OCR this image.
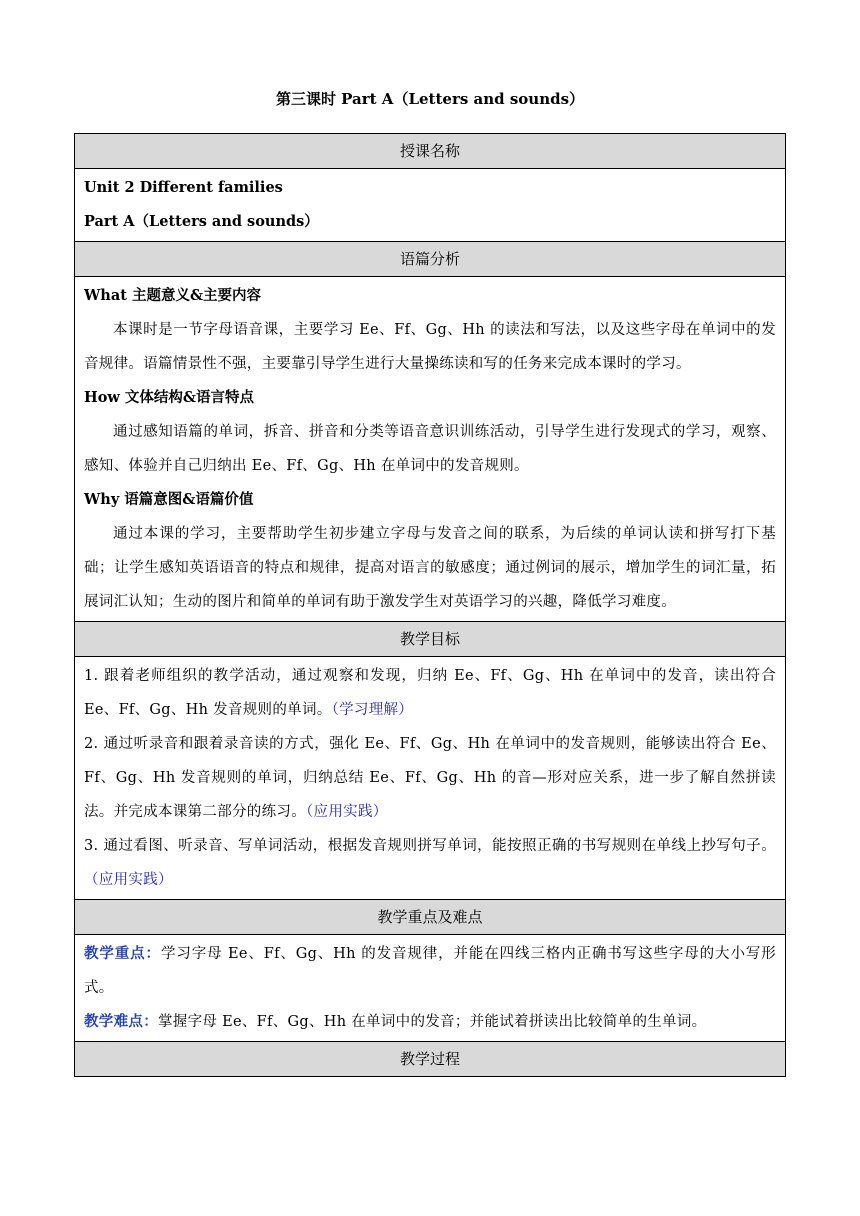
第三课时 Part A（Letters and sounds）
授课名称

Unit 2 Different families
Part A（Letters and sounds）

语篇分析

What 主题意义&主要内容

本课时是一节字母语音课，主要学习 Ee、Ff、Gg、Hh 的读法和写法，以及这些字母在单词中的发音规律。语篇情景性不强，主要靠引导学生进行大量操练读和写的任务来完成本课时的学习。

How 文体结构&语言特点

通过感知语篇的单词，拆音、拼音和分类等语音意识训练活动，引导学生进行发现式的学习，观察、感知、体验并自己归纳出 Ee、Ff、Gg、Hh 在单词中的发音规则。

Why 语篇意图&语篇价值

通过本课的学习，主要帮助学生初步建立字母与发音之间的联系，为后续的单词认读和拼写打下基础；让学生感知英语语音的特点和规律，提高对语言的敏感度；通过例词的展示，增加学生的词汇量，拓展词汇认知；生动的图片和简单的单词有助于激发学生对英语学习的兴趣，降低学习难度。

教学目标

1. 跟着老师组织的教学活动，通过观察和发现，归纳 Ee、Ff、Gg、Hh 在单词中的发音，读出符合 Ee、Ff、Gg、Hh 发音规则的单词。（学习理解）

2. 通过听录音和跟着录音读的方式，强化 Ee、Ff、Gg、Hh 在单词中的发音规则，能够读出符合 Ee、Ff、Gg、Hh 发音规则的单词，归纳总结 Ee、Ff、Gg、Hh 的音—形对应关系，进一步了解自然拼读法。并完成本课第二部分的练习。（应用实践）

3. 通过看图、听录音、写单词活动，根据发音规则拼写单词，能按照正确的书写规则在单线上抄写句子。（应用实践）

教学重点及难点

教学重点：学习字母 Ee、Ff、Gg、Hh 的发音规律，并能在四线三格内正确书写这些字母的大小写形式。

教学难点：掌握字母 Ee、Ff、Gg、Hh 在单词中的发音；并能试着拼读出比较简单的生单词。

教学过程
